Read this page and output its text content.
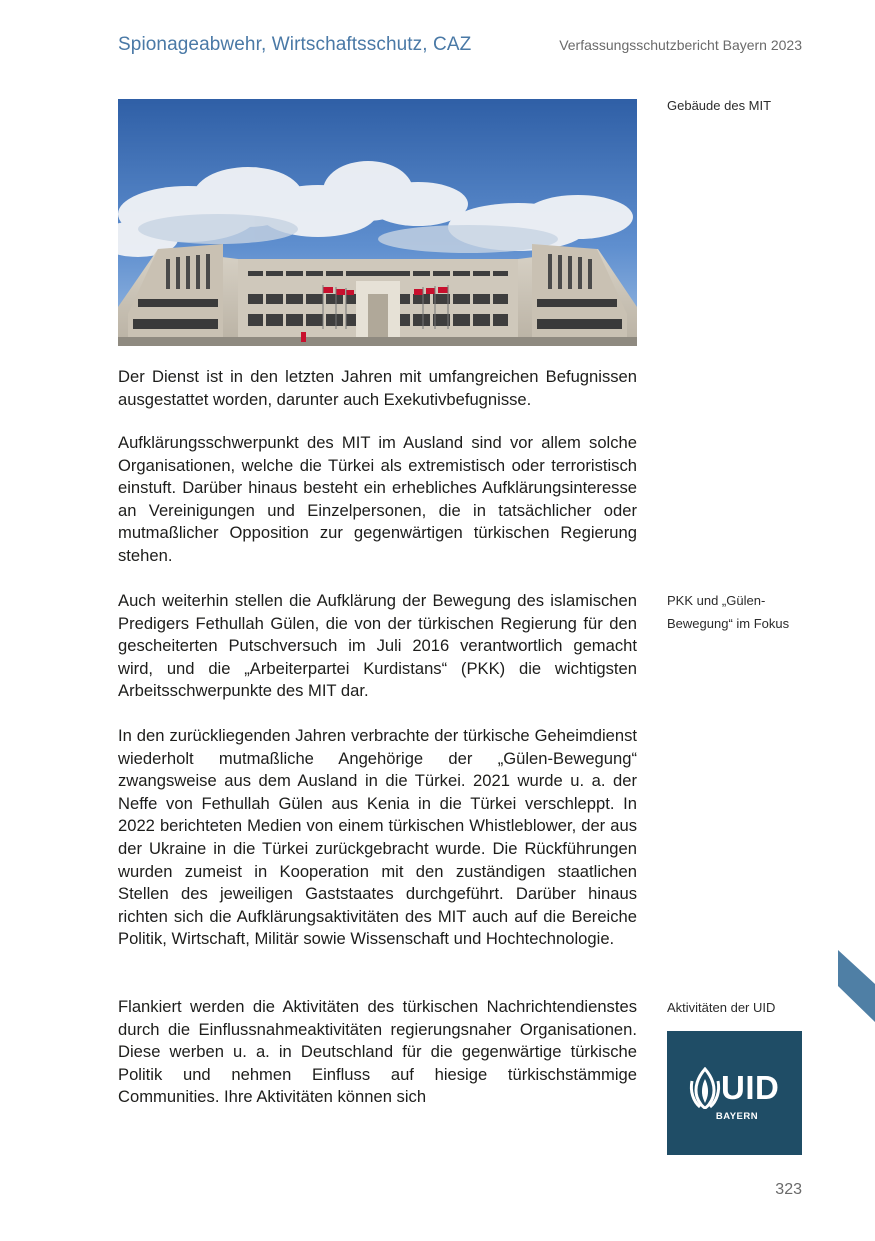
Spionageabwehr, Wirtschaftsschutz, CAZ	Verfassungsschutzbericht Bayern 2023
Gebäude des MIT

Der Dienst ist in den letzten Jahren mit umfangreichen Befugnissen ausgestattet worden, darunter auch Exekutivbefugnisse.

Aufklärungsschwerpunkt des MIT im Ausland sind vor allem solche Organisationen, welche die Türkei als extremistisch oder terroristisch einstuft. Darüber hinaus besteht ein erhebliches Aufklärungsinteresse an Vereinigungen und Einzelpersonen, die in tatsächlicher oder mutmaßlicher Opposition zur gegenwärtigen türkischen Regierung stehen.

Auch weiterhin stellen die Aufklärung der Bewegung des islamischen Predigers Fethullah Gülen, die von der türkischen Regierung für den gescheiterten Putschversuch im Juli 2016 verantwortlich gemacht wird, und die „Arbeiterpartei Kurdistans“ (PKK) die wichtigsten Arbeitsschwerpunkte des MIT dar.

PKK und „Gülen-Bewegung“ im Fokus

In den zurückliegenden Jahren verbrachte der türkische Geheimdienst wiederholt mutmaßliche Angehörige der „Gülen-Bewegung“ zwangsweise aus dem Ausland in die Türkei. 2021 wurde u. a. der Neffe von Fethullah Gülen aus Kenia in die Türkei verschleppt. In 2022 berichteten Medien von einem türkischen Whistleblower, der aus der Ukraine in die Türkei zurückgebracht wurde. Die Rückführungen wurden zumeist in Kooperation mit den zuständigen staatlichen Stellen des jeweiligen Gaststaates durchgeführt. Darüber hinaus richten sich die Aufklärungsaktivitäten des MIT auch auf die Bereiche Politik, Wirtschaft, Militär sowie Wissenschaft und Hochtechnologie.

Flankiert werden die Aktivitäten des türkischen Nachrichtendienstes durch die Einflussnahmeaktivitäten regierungsnaher Organisationen. Diese werben u. a. in Deutschland für die gegenwärtige türkische Politik und nehmen Einfluss auf hiesige türkischstämmige Communities. Ihre Aktivitäten können sich

Aktivitäten der UID
UID
BAYERN
323
